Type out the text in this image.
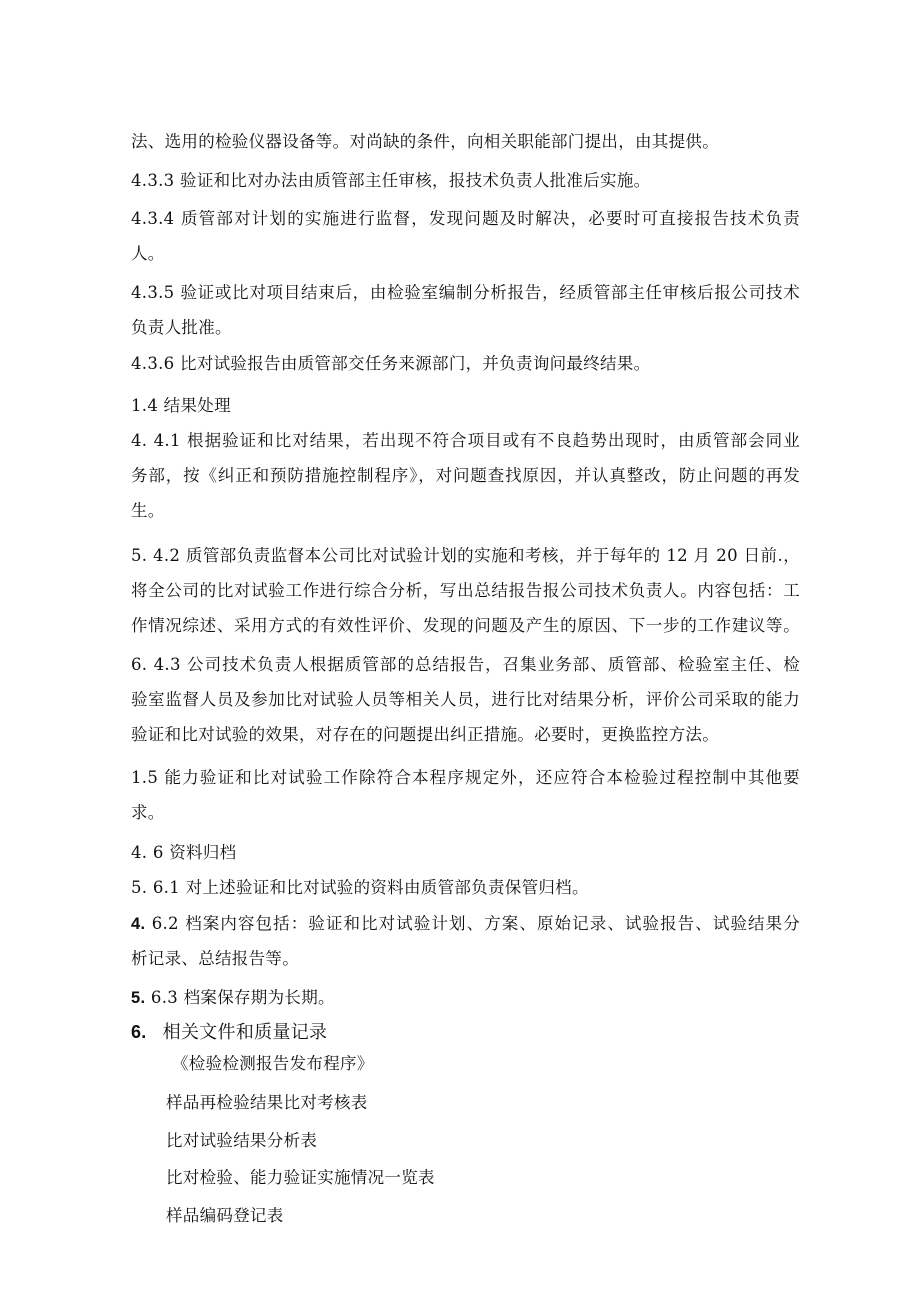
法、选用的检验仪器设备等。对尚缺的条件，向相关职能部门提出，由其提供。
4.3.3 验证和比对办法由质管部主任审核，报技术负责人批准后实施。
4.3.4 质管部对计划的实施进行监督，发现问题及时解决，必要时可直接报告技术负责
人。
4.3.5 验证或比对项目结束后，由检验室编制分析报告，经质管部主任审核后报公司技术
负责人批准。
4.3.6 比对试验报告由质管部交任务来源部门，并负责询问最终结果。
1.4 结果处理
4. 4.1 根据验证和比对结果，若出现不符合项目或有不良趋势出现时，由质管部会同业
务部，按《纠正和预防措施控制程序》，对问题查找原因，并认真整改，防止问题的再发
生。
5. 4.2 质管部负责监督本公司比对试验计划的实施和考核，并于每年的 12 月 20 日前.，
将全公司的比对试验工作进行综合分析，写出总结报告报公司技术负责人。内容包括：工
作情况综述、采用方式的有效性评价、发现的问题及产生的原因、下一步的工作建议等。
6. 4.3 公司技术负责人根据质管部的总结报告，召集业务部、质管部、检验室主任、检
验室监督人员及参加比对试验人员等相关人员，进行比对结果分析，评价公司采取的能力
验证和比对试验的效果，对存在的问题提出纠正措施。必要时，更换监控方法。
1.5 能力验证和比对试验工作除符合本程序规定外，还应符合本检验过程控制中其他要
求。
4. 6 资料归档
5. 6.1 对上述验证和比对试验的资料由质管部负责保管归档。
4. 6.2 档案内容包括：验证和比对试验计划、方案、原始记录、试验报告、试验结果分
析记录、总结报告等。
5. 6.3 档案保存期为长期。
6. 相关文件和质量记录
《检验检测报告发布程序》
样品再检验结果比对考核表
比对试验结果分析表
比对检验、能力验证实施情况一览表
样品编码登记表
